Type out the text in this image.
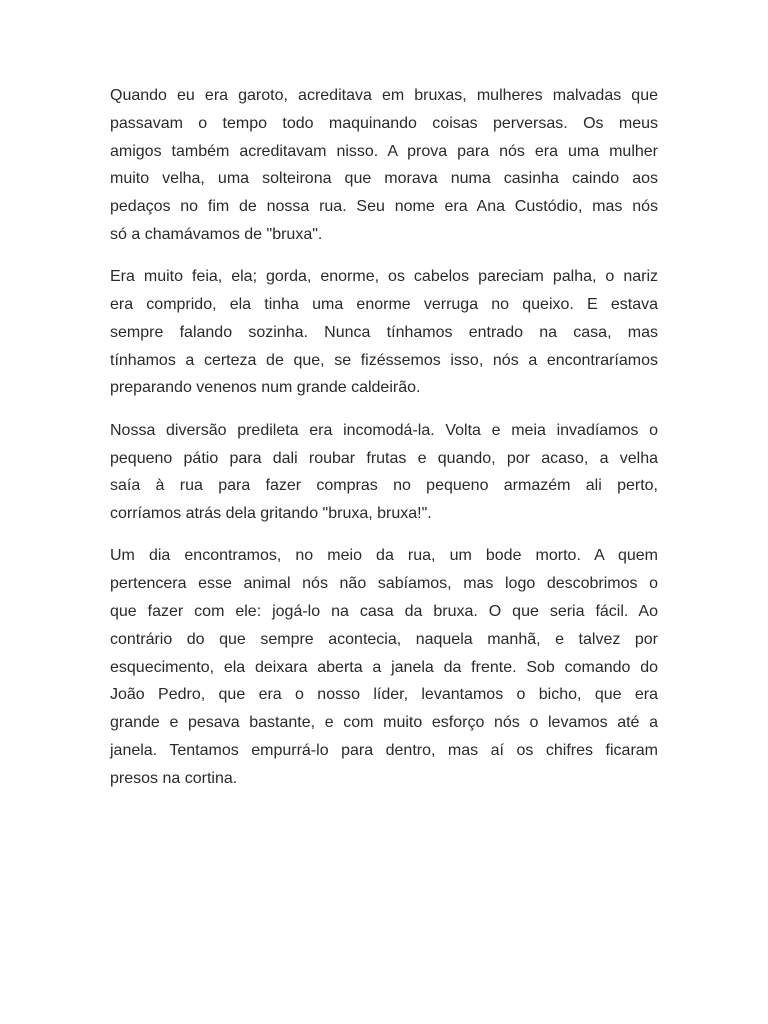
Quando eu era garoto, acreditava em bruxas, mulheres malvadas que
passavam o tempo todo maquinando coisas perversas. Os meus
amigos também acreditavam nisso. A prova para nós era uma mulher
muito velha, uma solteirona que morava numa casinha caindo aos
pedaços no fim de nossa rua. Seu nome era Ana Custódio, mas nós
só a chamávamos de "bruxa".

Era muito feia, ela; gorda, enorme, os cabelos pareciam palha, o nariz
era comprido, ela tinha uma enorme verruga no queixo. E estava
sempre falando sozinha. Nunca tínhamos entrado na casa, mas
tínhamos a certeza de que, se fizéssemos isso, nós a encontraríamos
preparando venenos num grande caldeirão.

Nossa diversão predileta era incomodá-la. Volta e meia invadíamos o
pequeno pátio para dali roubar frutas e quando, por acaso, a velha
saía à rua para fazer compras no pequeno armazém ali perto,
corríamos atrás dela gritando "bruxa, bruxa!".

Um dia encontramos, no meio da rua, um bode morto. A quem
pertencera esse animal nós não sabíamos, mas logo descobrimos o
que fazer com ele: jogá-lo na casa da bruxa. O que seria fácil. Ao
contrário do que sempre acontecia, naquela manhã, e talvez por
esquecimento, ela deixara aberta a janela da frente. Sob comando do
João Pedro, que era o nosso líder, levantamos o bicho, que era
grande e pesava bastante, e com muito esforço nós o levamos até a
janela. Tentamos empurrá-lo para dentro, mas aí os chifres ficaram
presos na cortina.
